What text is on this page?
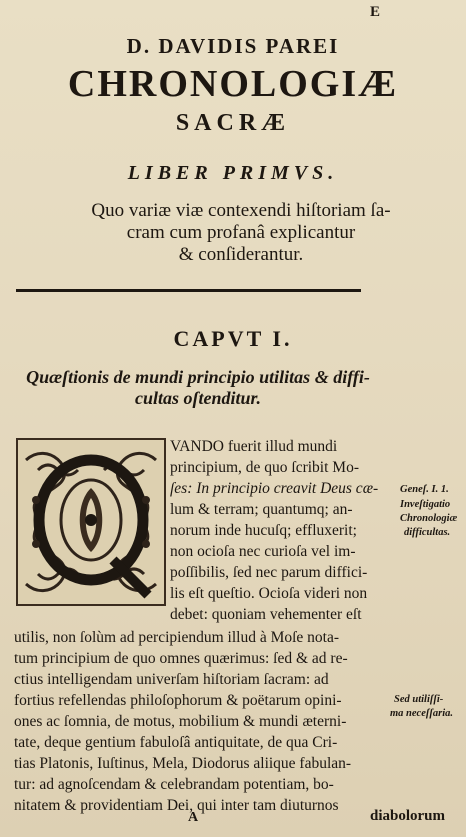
E
D. DAVIDIS PAREI
CHRONOLOGIÆ
SACRÆ
LIBER PRIMVS.
Quo variæ viæ contexendi hiſtoriam ſa-
cram cum profanâ explicantur
& conſiderantur.
CAPVT I.
Quæſtionis de mundi principio utilitas & diffi-
cultas oſtenditur.
VANDO fuerit illud mundi
principium, de quo ſcribit Mo-
ſes: In principio creavit Deus cæ-
lum & terram; quantumq; an-
norum inde hucuſq; effluxerit;
non ocioſa nec curioſa vel im-
poſſibilis, ſed nec parum diffici-
lis eſt queſtio. Ocioſa videri non
debet: quoniam vehementer eſt
utilis, non ſolùm ad percipiendum illud à Moſe nota-
tum principium de quo omnes quærimus: ſed & ad re-
ctius intelligendam univerſam hiſtoriam ſacram: ad
fortius refellendas philoſophorum & poëtarum opini-
ones ac ſomnia, de motus, mobilium & mundi æterni-
tate, deque gentium fabuloſâ antiquitate, de qua Cri-
tias Platonis, Iuſtinus, Mela, Diodorus aliique fabulan-
tur: ad agnoſcendam & celebrandam potentiam, bo-
nitatem & providentiam Dei, qui inter tam diuturnos
Geneſ. I. 1.
Inveſtigatio
Chronologiæ
difficultas.
Sed utiliſſi-
ma neceſſaria.
A	diabolorum
